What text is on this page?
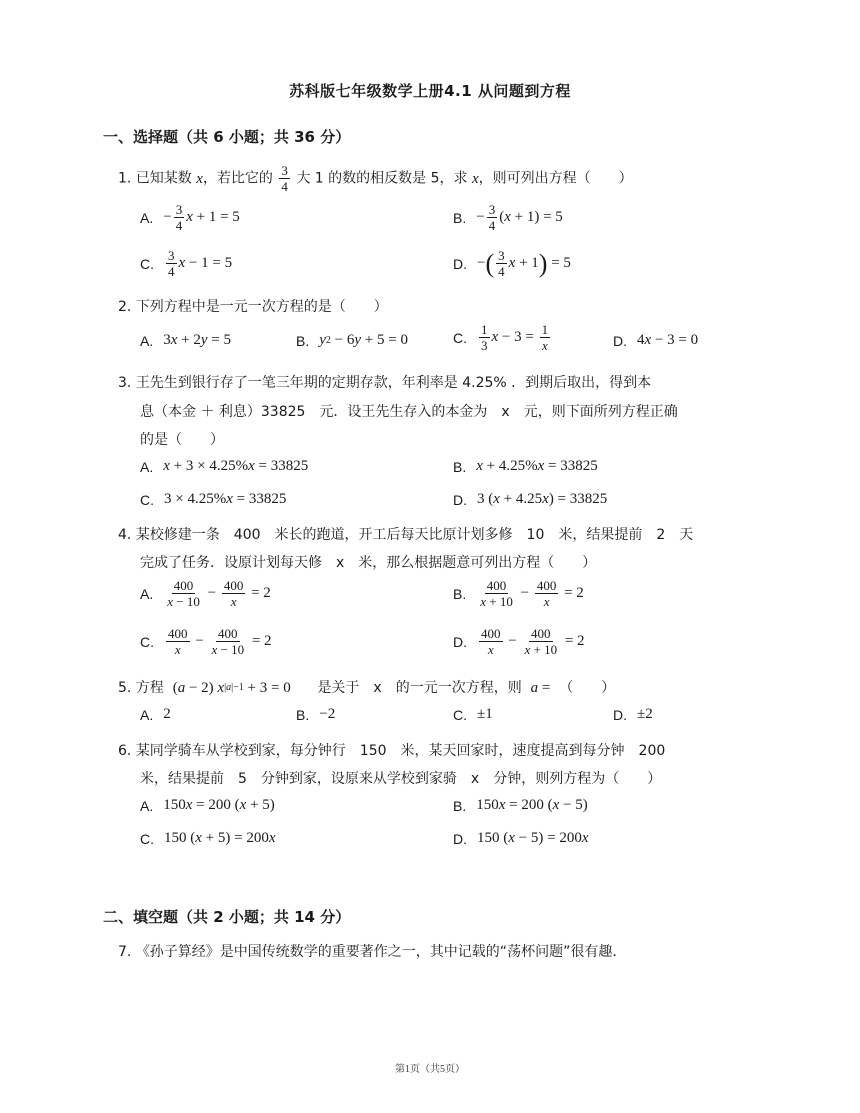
苏科版七年级数学上册4.1 从问题到方程
一、选择题（共 6 小题；共 36 分）
1. 已知某数 x ，若比它的 $\frac{3}{4}$ 大 1 的数的相反数是 5，求 x ，则可列出方程（　　）
A. − $\frac{3}{4}$ x + 1 = 5	B. − $\frac{3}{4}$ ( x + 1) = 5
C. $\frac{3}{4}$ x − 1 = 5	D. − ( $\frac{3}{4}$ x + 1 ) = 5
2. 下列方程中是一元一次方程的是（　　）
A. 3 x + 2 y = 5	B. y 2 − 6 y + 5 = 0	C. $\frac{1}{3}$ $x - 3 = \frac{1}{x}$	D. 4 x − 3 = 0
3. 王先生到银行存了一笔三年期的定期存款，年利率是 4.25% ．到期后取出，得到本
息（本金 ＋ 利息）33825　元．设王先生存入的本金为　x　元，则下面所列方程正确
的是（　　）
A. x + 3 × 4.25% x = 33825	B. x + 4.25% x = 33825
C. 3 × 4.25% x = 33825	D. 3 ( x + 4.25 x ) = 33825
4. 某校修建一条　400　米长的跑道，开工后每天比原计划多修　10　米，结果提前　2　天
完成了任务．设原计划每天修　x　米，那么根据题意可列出方程（　　）
A. $\frac{400}{x - 10} - \frac{400}{x} = 2$	B. $\frac{400}{x + 10} - \frac{400}{x} = 2$
C. $\frac{400}{x} - \frac{400}{x - 10} = 2$	D. $\frac{400}{x} - \frac{400}{x + 10} = 2$
5. 方程 ( a − 2) x |a|−1 + 3 = 0 是关于　x　的一元一次方程，则 a = （　　）
A. 2	B. −2	C. ±1	D. ±2
6. 某同学骑车从学校到家，每分钟行　150　米，某天回家时，速度提高到每分钟　200
米，结果提前　5　分钟到家，设原来从学校到家骑　x　分钟，则列方程为（　　）
A. 150 x = 200 ( x + 5)	B. 150 x = 200 ( x − 5)
C. 150 ( x + 5) = 200 x	D. 150 ( x − 5) = 200 x
二、填空题（共 2 小题；共 14 分）
7. 《孙子算经》是中国传统数学的重要著作之一，其中记载的“荡杯问题”很有趣．
第1页（共5页）
